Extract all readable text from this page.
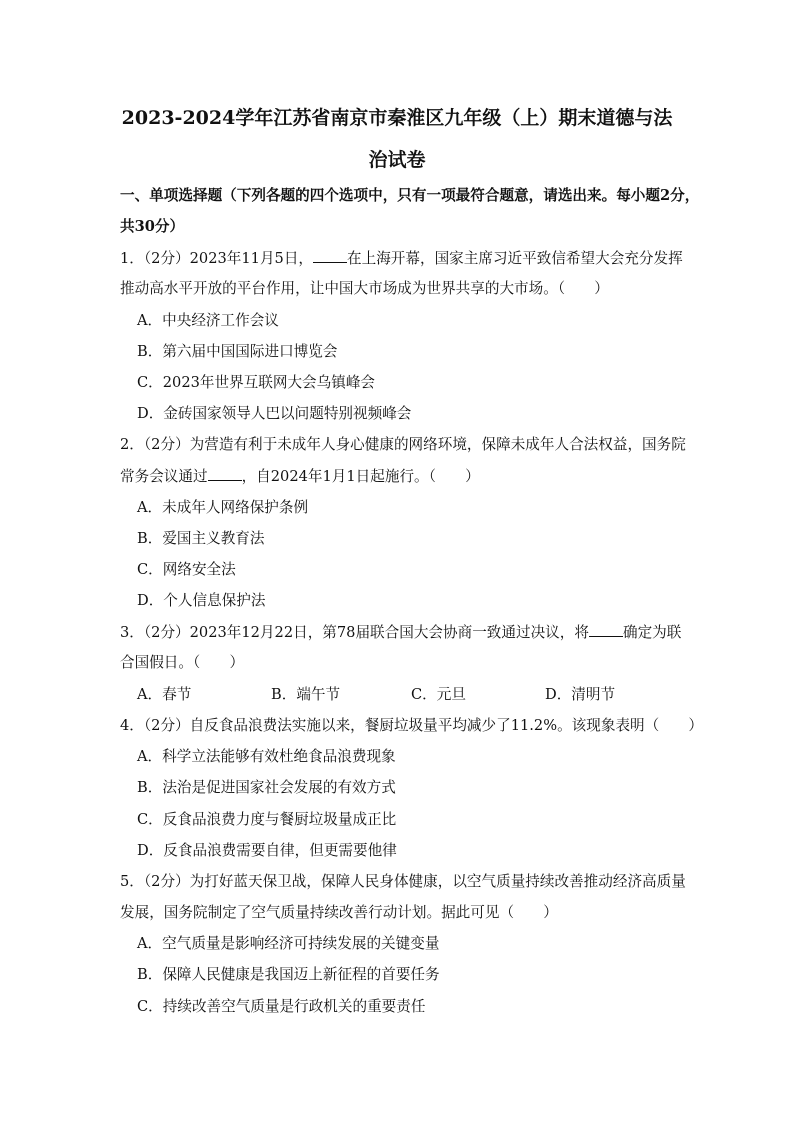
2023-2024学年江苏省南京市秦淮区九年级（上）期末道德与法
治试卷
一、单项选择题（下列各题的四个选项中，只有一项最符合题意，请选出来。每小题2分，
共30分）
1．（2分）2023年11月5日， 在上海开幕，国家主席习近平致信希望大会充分发挥
推动高水平开放的平台作用，让中国大市场成为世界共享的大市场。（　　）
A．中央经济工作会议
B．第六届中国国际进口博览会
C．2023年世界互联网大会乌镇峰会
D．金砖国家领导人巴以问题特别视频峰会
2．（2分）为营造有利于未成年人身心健康的网络环境，保障未成年人合法权益，国务院
常务会议通过 ，自2024年1月1日起施行。（　　）
A．未成年人网络保护条例
B．爱国主义教育法
C．网络安全法
D．个人信息保护法
3．（2分）2023年12月22日，第78届联合国大会协商一致通过决议，将 确定为联
合国假日。（　　）
A．春节	B．端午节	C．元旦	D．清明节
4．（2分）自反食品浪费法实施以来，餐厨垃圾量平均减少了11.2%。该现象表明（　　）
A．科学立法能够有效杜绝食品浪费现象
B．法治是促进国家社会发展的有效方式
C．反食品浪费力度与餐厨垃圾量成正比
D．反食品浪费需要自律，但更需要他律
5．（2分）为打好蓝天保卫战，保障人民身体健康，以空气质量持续改善推动经济高质量
发展，国务院制定了空气质量持续改善行动计划。据此可见（　　）
A．空气质量是影响经济可持续发展的关键变量
B．保障人民健康是我国迈上新征程的首要任务
C．持续改善空气质量是行政机关的重要责任
